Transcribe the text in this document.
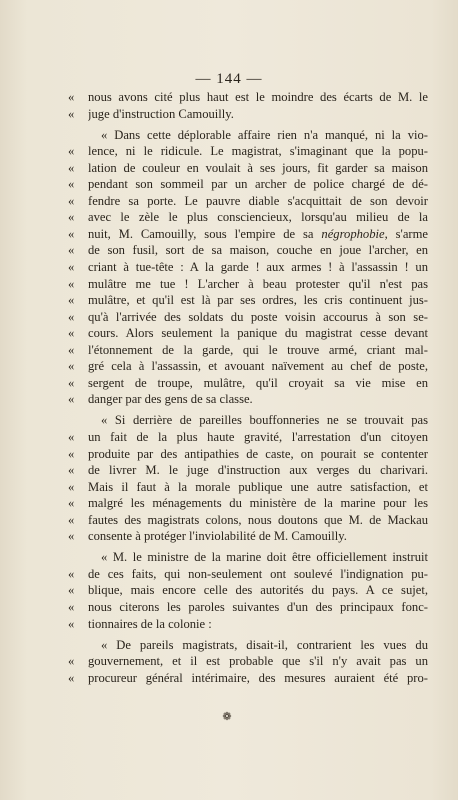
— 144 —
«	nous avons cité plus haut est le moindre des écarts de M. le
«	juge d'instruction Camouilly.
« Dans cette déplorable affaire rien n'a manqué, ni la vio-
«	lence, ni le ridicule. Le magistrat, s'imaginant que la popu-
«	lation de couleur en voulait à ses jours, fit garder sa maison
«	pendant son sommeil par un archer de police chargé de dé-
«	fendre sa porte. Le pauvre diable s'acquittait de son devoir
«	avec le zèle le plus consciencieux, lorsqu'au milieu de la
«	nuit, M. Camouilly, sous l'empire de sa négrophobie, s'arme
«	de son fusil, sort de sa maison, couche en joue l'archer, en
«	criant à tue-tête : A la garde ! aux armes ! à l'assassin ! un
«	mulâtre me tue ! L'archer à beau protester qu'il n'est pas
«	mulâtre, et qu'il est là par ses ordres, les cris continuent jus-
«	qu'à l'arrivée des soldats du poste voisin accourus à son se-
«	cours. Alors seulement la panique du magistrat cesse devant
«	l'étonnement de la garde, qui le trouve armé, criant mal-
«	gré cela à l'assassin, et avouant naïvement au chef de poste,
«	sergent de troupe, mulâtre, qu'il croyait sa vie mise en
«	danger par des gens de sa classe.
« Si derrière de pareilles bouffonneries ne se trouvait pas
«	un fait de la plus haute gravité, l'arrestation d'un citoyen
«	produite par des antipathies de caste, on pourait se contenter
«	de livrer M. le juge d'instruction aux verges du charivari.
«	Mais il faut à la morale publique une autre satisfaction, et
«	malgré les ménagements du ministère de la marine pour les
«	fautes des magistrats colons, nous doutons que M. de Mackau
«	consente à protéger l'inviolabilité de M. Camouilly.
« M. le ministre de la marine doit être officiellement instruit
«	de ces faits, qui non-seulement ont soulevé l'indignation pu-
«	blique, mais encore celle des autorités du pays. A ce sujet,
«	nous citerons les paroles suivantes d'un des principaux fonc-
«	tionnaires de la colonie :
« De pareils magistrats, disait-il, contrarient les vues du
«	gouvernement, et il est probable que s'il n'y avait pas un
«	procureur général intérimaire, des mesures auraient été pro-
❁
